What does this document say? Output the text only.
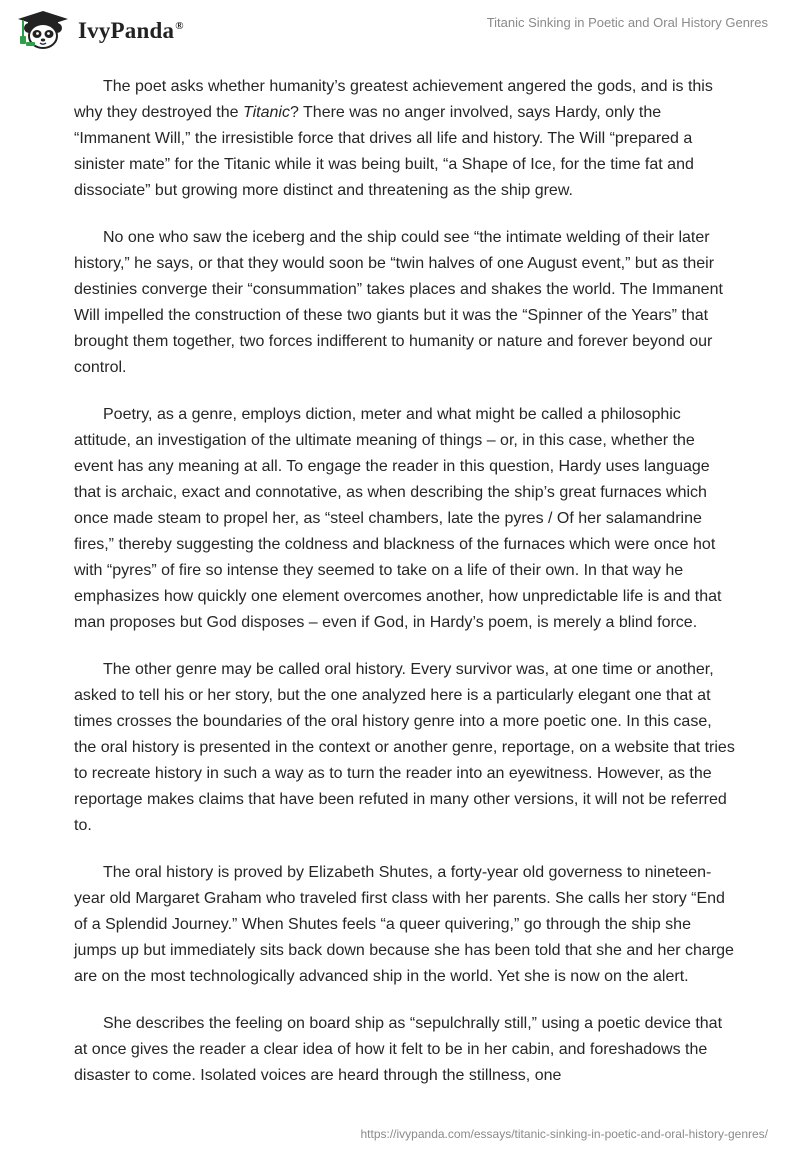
IvyPanda®	Titanic Sinking in Poetic and Oral History Genres

The poet asks whether humanity’s greatest achievement angered the gods, and is this why they destroyed the Titanic? There was no anger involved, says Hardy, only the “Immanent Will,” the irresistible force that drives all life and history. The Will “prepared a sinister mate” for the Titanic while it was being built, “a Shape of Ice, for the time fat and dissociate” but growing more distinct and threatening as the ship grew.

No one who saw the iceberg and the ship could see “the intimate welding of their later history,” he says, or that they would soon be “twin halves of one August event,” but as their destinies converge their “consummation” takes places and shakes the world. The Immanent Will impelled the construction of these two giants but it was the “Spinner of the Years” that brought them together, two forces indifferent to humanity or nature and forever beyond our control.

Poetry, as a genre, employs diction, meter and what might be called a philosophic attitude, an investigation of the ultimate meaning of things – or, in this case, whether the event has any meaning at all. To engage the reader in this question, Hardy uses language that is archaic, exact and connotative, as when describing the ship’s great furnaces which once made steam to propel her, as “steel chambers, late the pyres / Of her salamandrine fires,” thereby suggesting the coldness and blackness of the furnaces which were once hot with “pyres” of fire so intense they seemed to take on a life of their own. In that way he emphasizes how quickly one element overcomes another, how unpredictable life is and that man proposes but God disposes – even if God, in Hardy’s poem, is merely a blind force.

The other genre may be called oral history. Every survivor was, at one time or another, asked to tell his or her story, but the one analyzed here is a particularly elegant one that at times crosses the boundaries of the oral history genre into a more poetic one. In this case, the oral history is presented in the context or another genre, reportage, on a website that tries to recreate history in such a way as to turn the reader into an eyewitness. However, as the reportage makes claims that have been refuted in many other versions, it will not be referred to.

The oral history is proved by Elizabeth Shutes, a forty-year old governess to nineteen-year old Margaret Graham who traveled first class with her parents. She calls her story “End of a Splendid Journey.” When Shutes feels “a queer quivering,” go through the ship she jumps up but immediately sits back down because she has been told that she and her charge are on the most technologically advanced ship in the world. Yet she is now on the alert.

She describes the feeling on board ship as “sepulchrally still,” using a poetic device that at once gives the reader a clear idea of how it felt to be in her cabin, and foreshadows the disaster to come. Isolated voices are heard through the stillness, one

https://ivypanda.com/essays/titanic-sinking-in-poetic-and-oral-history-genres/
